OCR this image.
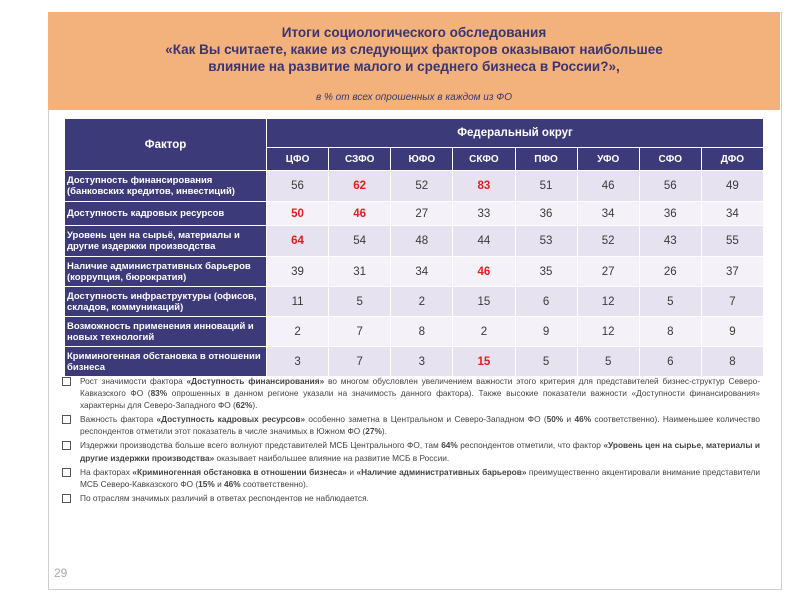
Итоги социологического обследования
«Как Вы считаете, какие из следующих факторов оказывают наибольшее
влияние на развитие малого и среднего бизнеса в России?»,
в % от всех опрошенных в каждом из ФО
Фактор	Федеральный округ							
	ЦФО	СЗФО	ЮФО	СКФО	ПФО	УФО	СФО	ДФО
Доступность финансирования (банковских кредитов, инвестиций)	56	62	52	83	51	46	56	49
Доступность кадровых ресурсов	50	46	27	33	36	34	36	34
Уровень цен на сырьё, материалы и другие издержки производства	64	54	48	44	53	52	43	55
Наличие административных барьеров (коррупция, бюрократия)	39	31	34	46	35	27	26	37
Доступность инфраструктуры (офисов, складов, коммуникаций)	11	5	2	15	6	12	5	7
Возможность применения инноваций и новых технологий	2	7	8	2	9	12	8	9
Криминогенная обстановка в отношении бизнеса	3	7	3	15	5	5	6	8
Рост значимости фактора «Доступность финансирования» во многом обусловлен увеличением важности этого критерия для представителей бизнес-структур Северо-Кавказского ФО (83% опрошенных в данном регионе указали на значимость данного фактора). Также высокие показатели важности «Доступности финансирования» характерны для Северо-Западного ФО (62%).
Важность фактора «Доступность кадровых ресурсов» особенно заметна в Центральном и Северо-Западном ФО (50% и 46% соответственно). Наименьшее количество респондентов отметили этот показатель в числе значимых в Южном ФО (27%).
Издержки производства больше всего волнуют представителей МСБ Центрального ФО, там 64% респондентов отметили, что фактор «Уровень цен на сырье, материалы и другие издержки производства» оказывает наибольшее влияние на развитие МСБ в России.
На факторах «Криминогенная обстановка в отношении бизнеса» и «Наличие административных барьеров» преимущественно акцентировали внимание представители МСБ Северо-Кавказского ФО (15% и 46% соответственно).
По отраслям значимых различий в ответах респондентов не наблюдается.
29
